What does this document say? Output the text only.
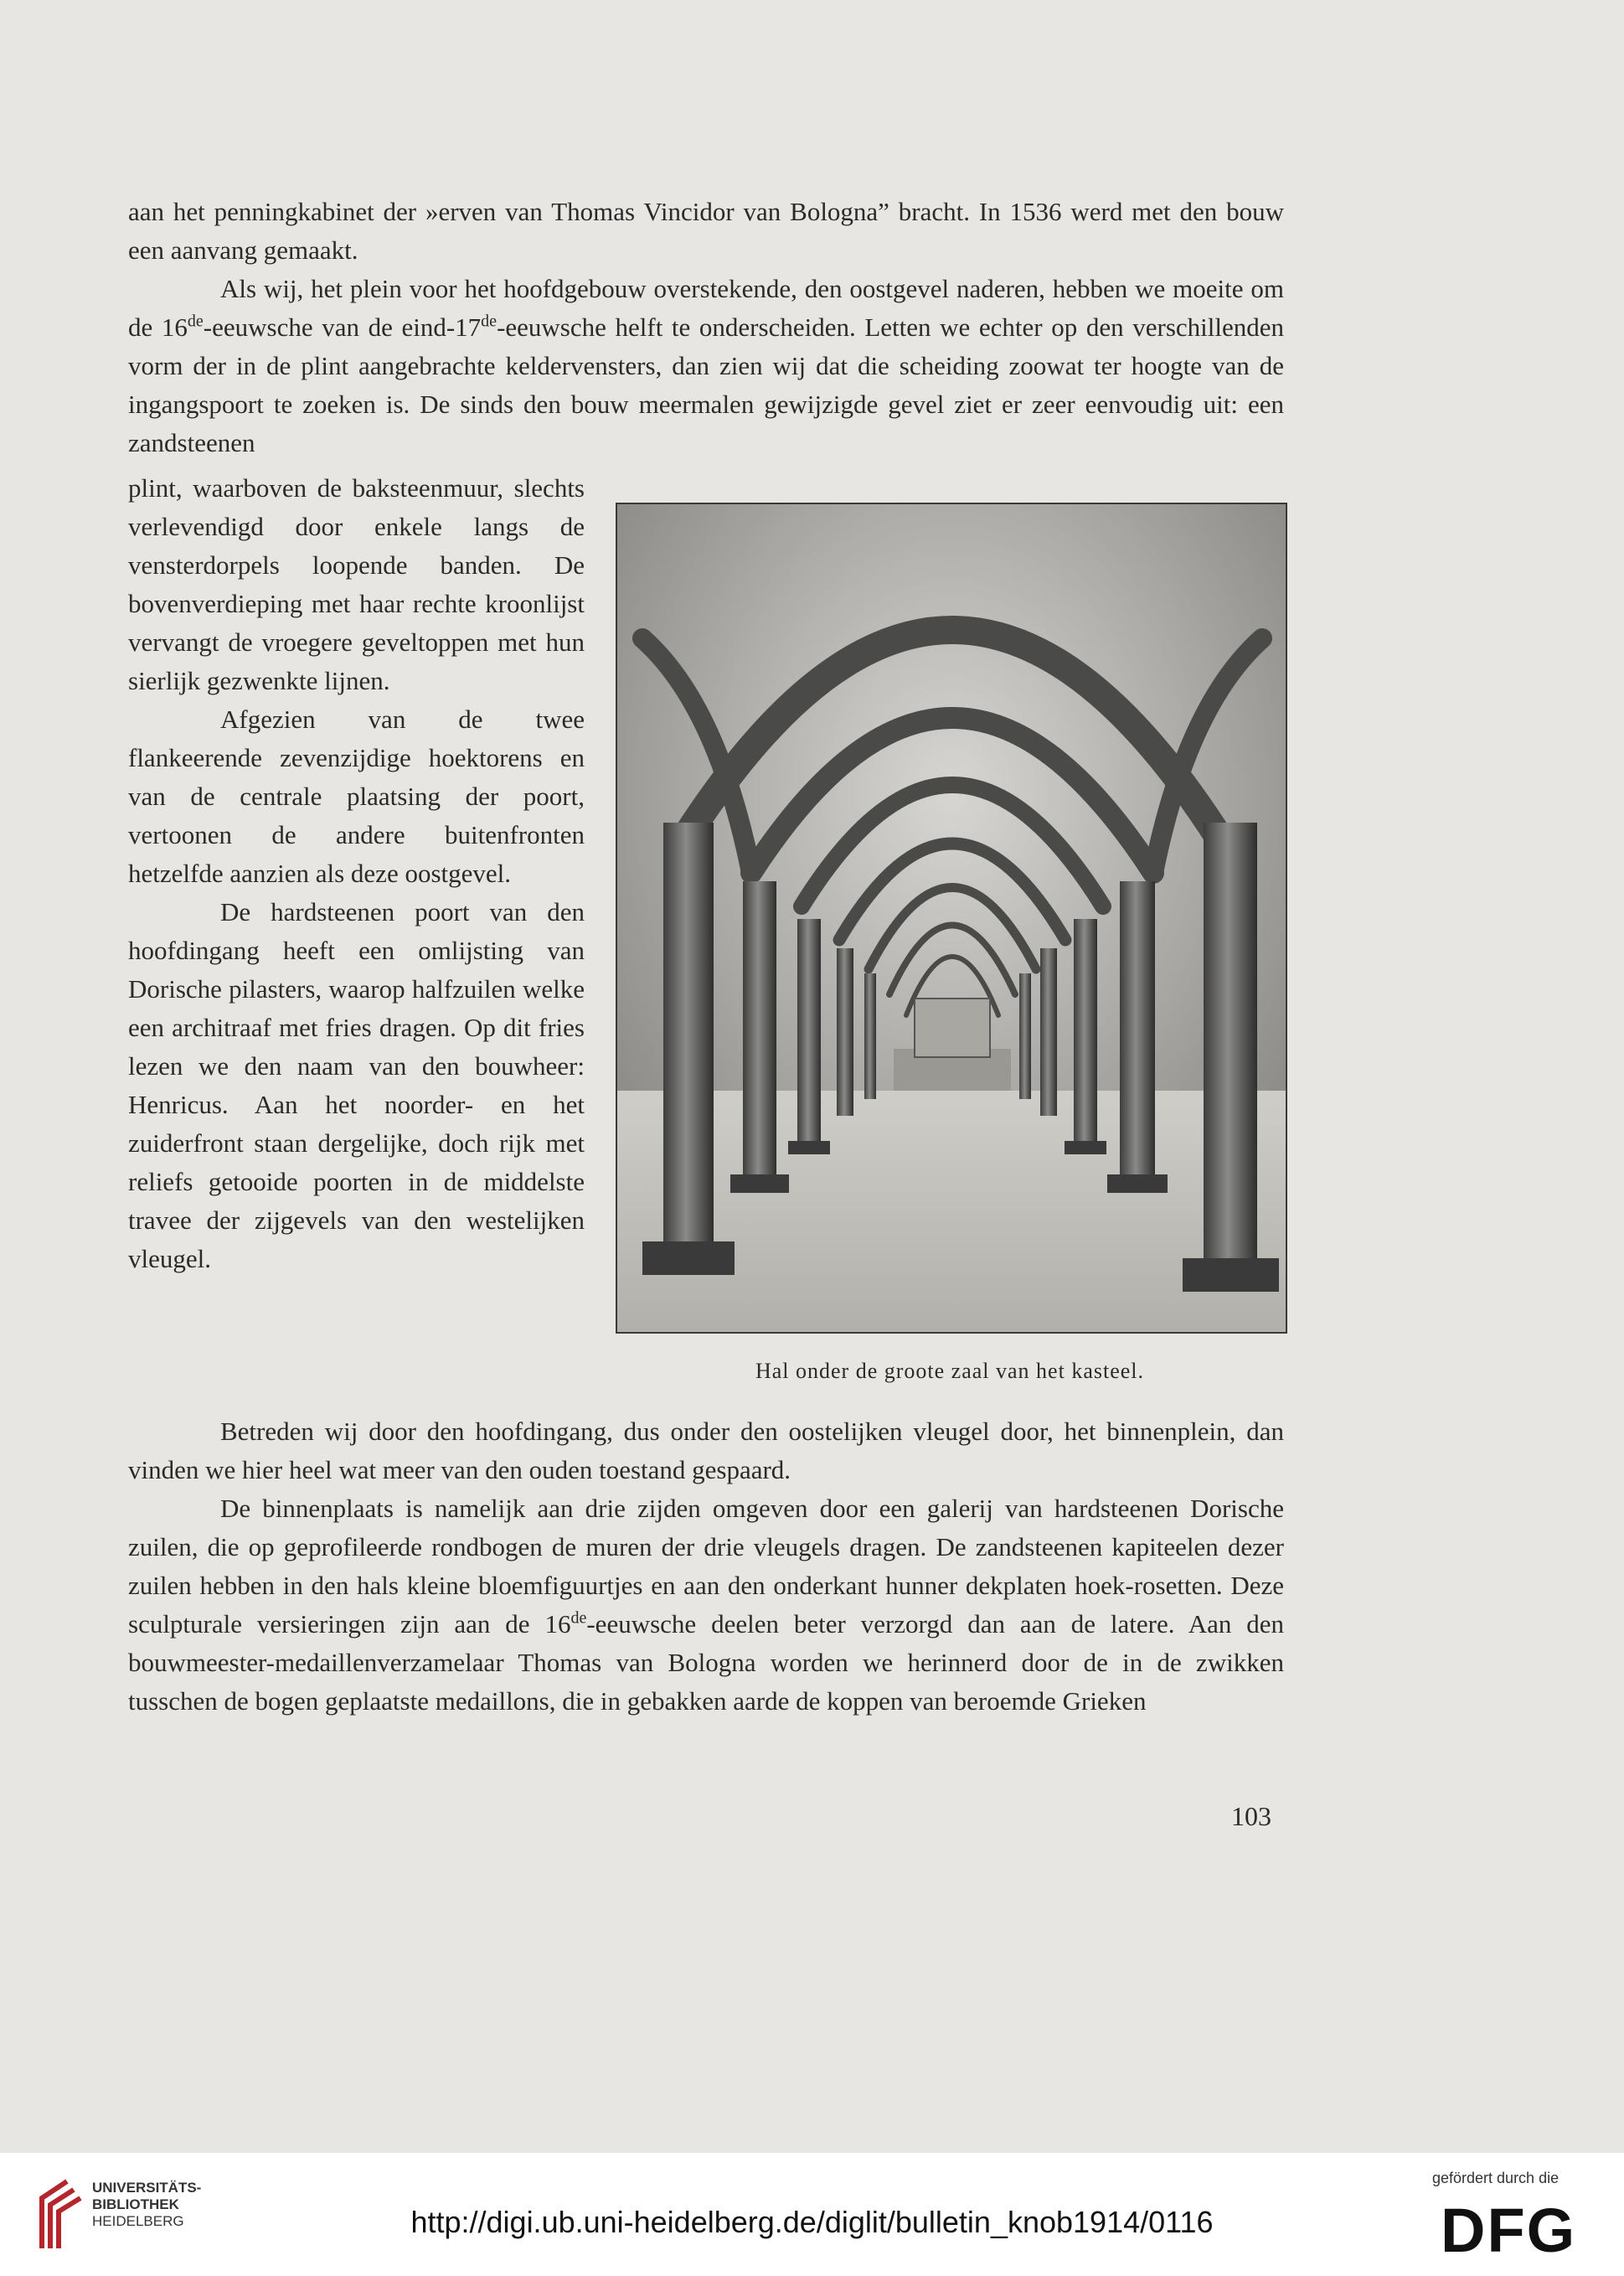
aan het penningkabinet der »erven van Thomas Vincidor van Bologna” bracht. In 1536 werd met den bouw een aanvang gemaakt.

Als wij, het plein voor het hoofdgebouw overstekende, den oostgevel naderen, hebben we moeite om de 16de-eeuwsche van de eind-17de-eeuwsche helft te onderscheiden. Letten we echter op den verschillenden vorm der in de plint aangebrachte keldervensters, dan zien wij dat die scheiding zoowat ter hoogte van de ingangspoort te zoeken is. De sinds den bouw meermalen gewijzigde gevel ziet er zeer eenvoudig uit: een zandsteenen

plint, waarboven de baksteenmuur, slechts verlevendigd door enkele langs de vensterdorpels loopende banden. De bovenverdieping met haar rechte kroonlijst vervangt de vroegere geveltoppen met hun sierlijk gezwenkte lijnen.

Afgezien van de twee flankeerende zevenzijdige hoektorens en van de centrale plaatsing der poort, vertoonen de andere buitenfronten hetzelfde aanzien als deze oostgevel.

De hardsteenen poort van den hoofdingang heeft een omlijsting van Dorische pilasters, waarop halfzuilen welke een architraaf met fries dragen. Op dit fries lezen we den naam van den bouwheer: Henricus. Aan het noorder- en het zuiderfront staan dergelijke, doch rijk met reliefs getooide poorten in de middelste travee der zijgevels van den westelijken vleugel.

Hal onder de groote zaal van het kasteel.

Betreden wij door den hoofdingang, dus onder den oostelijken vleugel door, het binnenplein, dan vinden we hier heel wat meer van den ouden toestand gespaard.

De binnenplaats is namelijk aan drie zijden omgeven door een galerij van hardsteenen Dorische zuilen, die op geprofileerde rondbogen de muren der drie vleugels dragen. De zandsteenen kapiteelen dezer zuilen hebben in den hals kleine bloemfiguurtjes en aan den onderkant hunner dekplaten hoek-rosetten. Deze sculpturale versieringen zijn aan de 16de-eeuwsche deelen beter verzorgd dan aan de latere. Aan den bouwmeester-medaillenverzamelaar Thomas van Bologna worden we herinnerd door de in de zwikken tusschen de bogen geplaatste medaillons, die in gebakken aarde de koppen van beroemde Grieken

103
UNIVERSITÄTS-
BIBLIOTHEK
HEIDELBERG	http://digi.ub.uni-heidelberg.de/diglit/bulletin_knob1914/0116
gefördert durch die
DFG
